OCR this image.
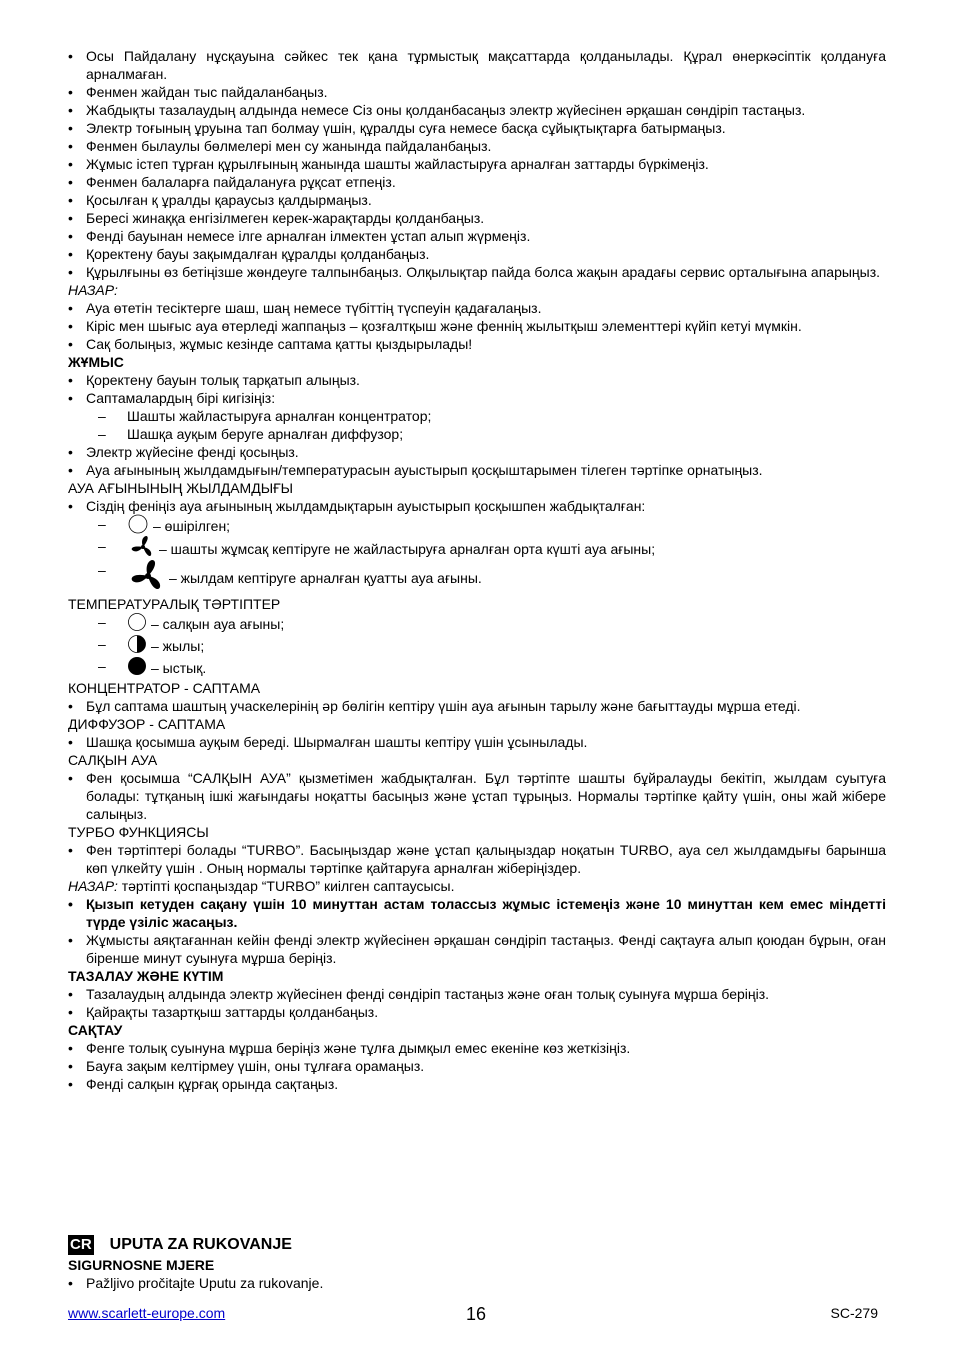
• Осы Пайдалану нұсқауына сәйкес тек қана тұрмыстық мақсаттарда қолданылады. Құрал өнеркәсіптік қолдануға арналмаған.
• Фенмен жайдан тыс пайдаланбаңыз.
• Жабдықты тазалаудың алдында немесе Сіз оны қолданбасаңыз электр жүйесінен әрқашан сөндіріп тастаңыз.
• Электр тоғының ұруына тап болмау үшін, құралды суға немесе басқа сұйықтықтарға батырмаңыз.
• Фенмен былаулы бөлмелері мен су жанында пайдаланбаңыз.
• Жұмыс істеп тұрған құрылғының жанында шашты жайластыруға арналған заттарды бүркімеңіз.
• Фенмен балаларға пайдалануға рұқсат етпеңіз.
• Қосылған қ ұралды қараусыз қалдырмаңыз.
• Бересі жинаққа енгізілмеген керек-жарақтарды қолданбаңыз.
• Фенді бауынан немесе ілге арналған ілмектен ұстап алып жүрмеңіз.
• Қоректену бауы зақымдалған құралды қолданбаңыз.
• Құрылғыны өз бетіңізше жөндеуге талпынбаңыз. Олқылықтар пайда болса жақын арадағы сервис орталығына апарыңыз.
НАЗАР:
• Ауа өтетін тесіктерге шаш, шаң немесе түбіттің түспеуін қадағалаңыз.
• Кіріс мен шығыс ауа өтерледі жаппаңыз – қозғалтқыш және феннің жылытқыш элементтері күйіп кетуі мүмкін.
• Сақ болыңыз, жұмыс кезінде саптама қатты қыздырылады!
ЖҰМЫС
• Қоректену бауын толық тарқатып алыңыз.
• Саптамалардың бірі кигізіңіз:
– Шашты жайластыруға арналған концентратор;
– Шашқа ауқым беруге арналған диффузор;
• Электр жүйесіне фенді қосыңыз.
• Ауа ағынының жылдамдығын/температурасын ауыстырып қосқыштарымен тілеген тәртіпке орнатыңыз.
АУА АҒЫНЫНЫҢ ЖЫЛДАМДЫҒЫ
• Сіздің феніңіз ауа ағынының жылдамдықтарын ауыстырып қосқышпен жабдықталған:
– – өшірілген;
– – шашты жұмсақ кептіруге не жайластыруға арналған орта күшті ауа ағыны;
– – жылдам кептіруге арналған қуатты ауа ағыны.
ТЕМПЕРАТУРАЛЫҚ ТӘРТІПТЕР
– – салқын ауа ағыны;
– – жылы;
– – ыстық.
КОНЦЕНТРАТОР - САПТАМА
• Бұл саптама шаштың учаскелерінің әр бөлігін кептіру үшін ауа ағынын тарылу және бағыттауды мұрша етеді.
ДИФФУЗОР - САПТАМА
• Шашқа қосымша ауқым береді. Шырмалған шашты кептіру үшін ұсынылады.
САЛҚЫН АУА
• Фен қосымша “САЛҚЫН АУА” қызметімен жабдықталған. Бұл тәртіпте шашты бұйралауды бекітіп, жылдам суытуға болады: тұтқаның ішкі жағындағы ноқатты басыңыз және ұстап тұрыңыз. Нормалы тәртіпке қайту үшін, оны жай жібере салыңыз.
ТУРБО ФУНКЦИЯСЫ
• Фен тәртіптері болады “TURBO”. Басыңыздар және ұстап қалыңыздар ноқатын TURBO, ауа сел жылдамдығы барынша көп үлкейту үшін . Оның нормалы тәртіпке қайтаруға арналған жіберіңіздер.
НАЗАР: тәртіпті қоспаңыздар “TURBO” киілген саптаусысы.
• Қызып кетуден сақану үшін 10 минуттан астам толассыз жұмыс істемеңіз және 10 минуттан кем емес міндетті түрде үзіліс жасаңыз.
• Жұмысты аяқтағаннан кейін фенді электр жүйесінен әрқашан сөндіріп тастаңыз. Фенді сақтауға алып қоюдан бұрын, оған біренше минут суынуға мұрша беріңіз.
ТАЗАЛАУ ЖӘНЕ КҮТІМ
• Тазалаудың алдында электр жүйесінен фенді сөндіріп тастаңыз және оған толық суынуға мұрша беріңіз.
• Қайрақты тазартқыш заттарды қолданбаңыз.
САҚТАУ
• Фенге толық суынуна мұрша беріңіз және тұлға дымқыл емес екеніне көз жеткізіңіз.
• Бауға зақым келтірмеу үшін, оны тұлғаға орамаңыз.
• Фенді салқын құрғақ орында сақтаңыз.
CR UPUTA ZA RUKOVANJE
SIGURNOSNE MJERE
• Pažljivo pročitajte Uputu za rukovanje.
www.scarlett-europe.com	16	SC-279
